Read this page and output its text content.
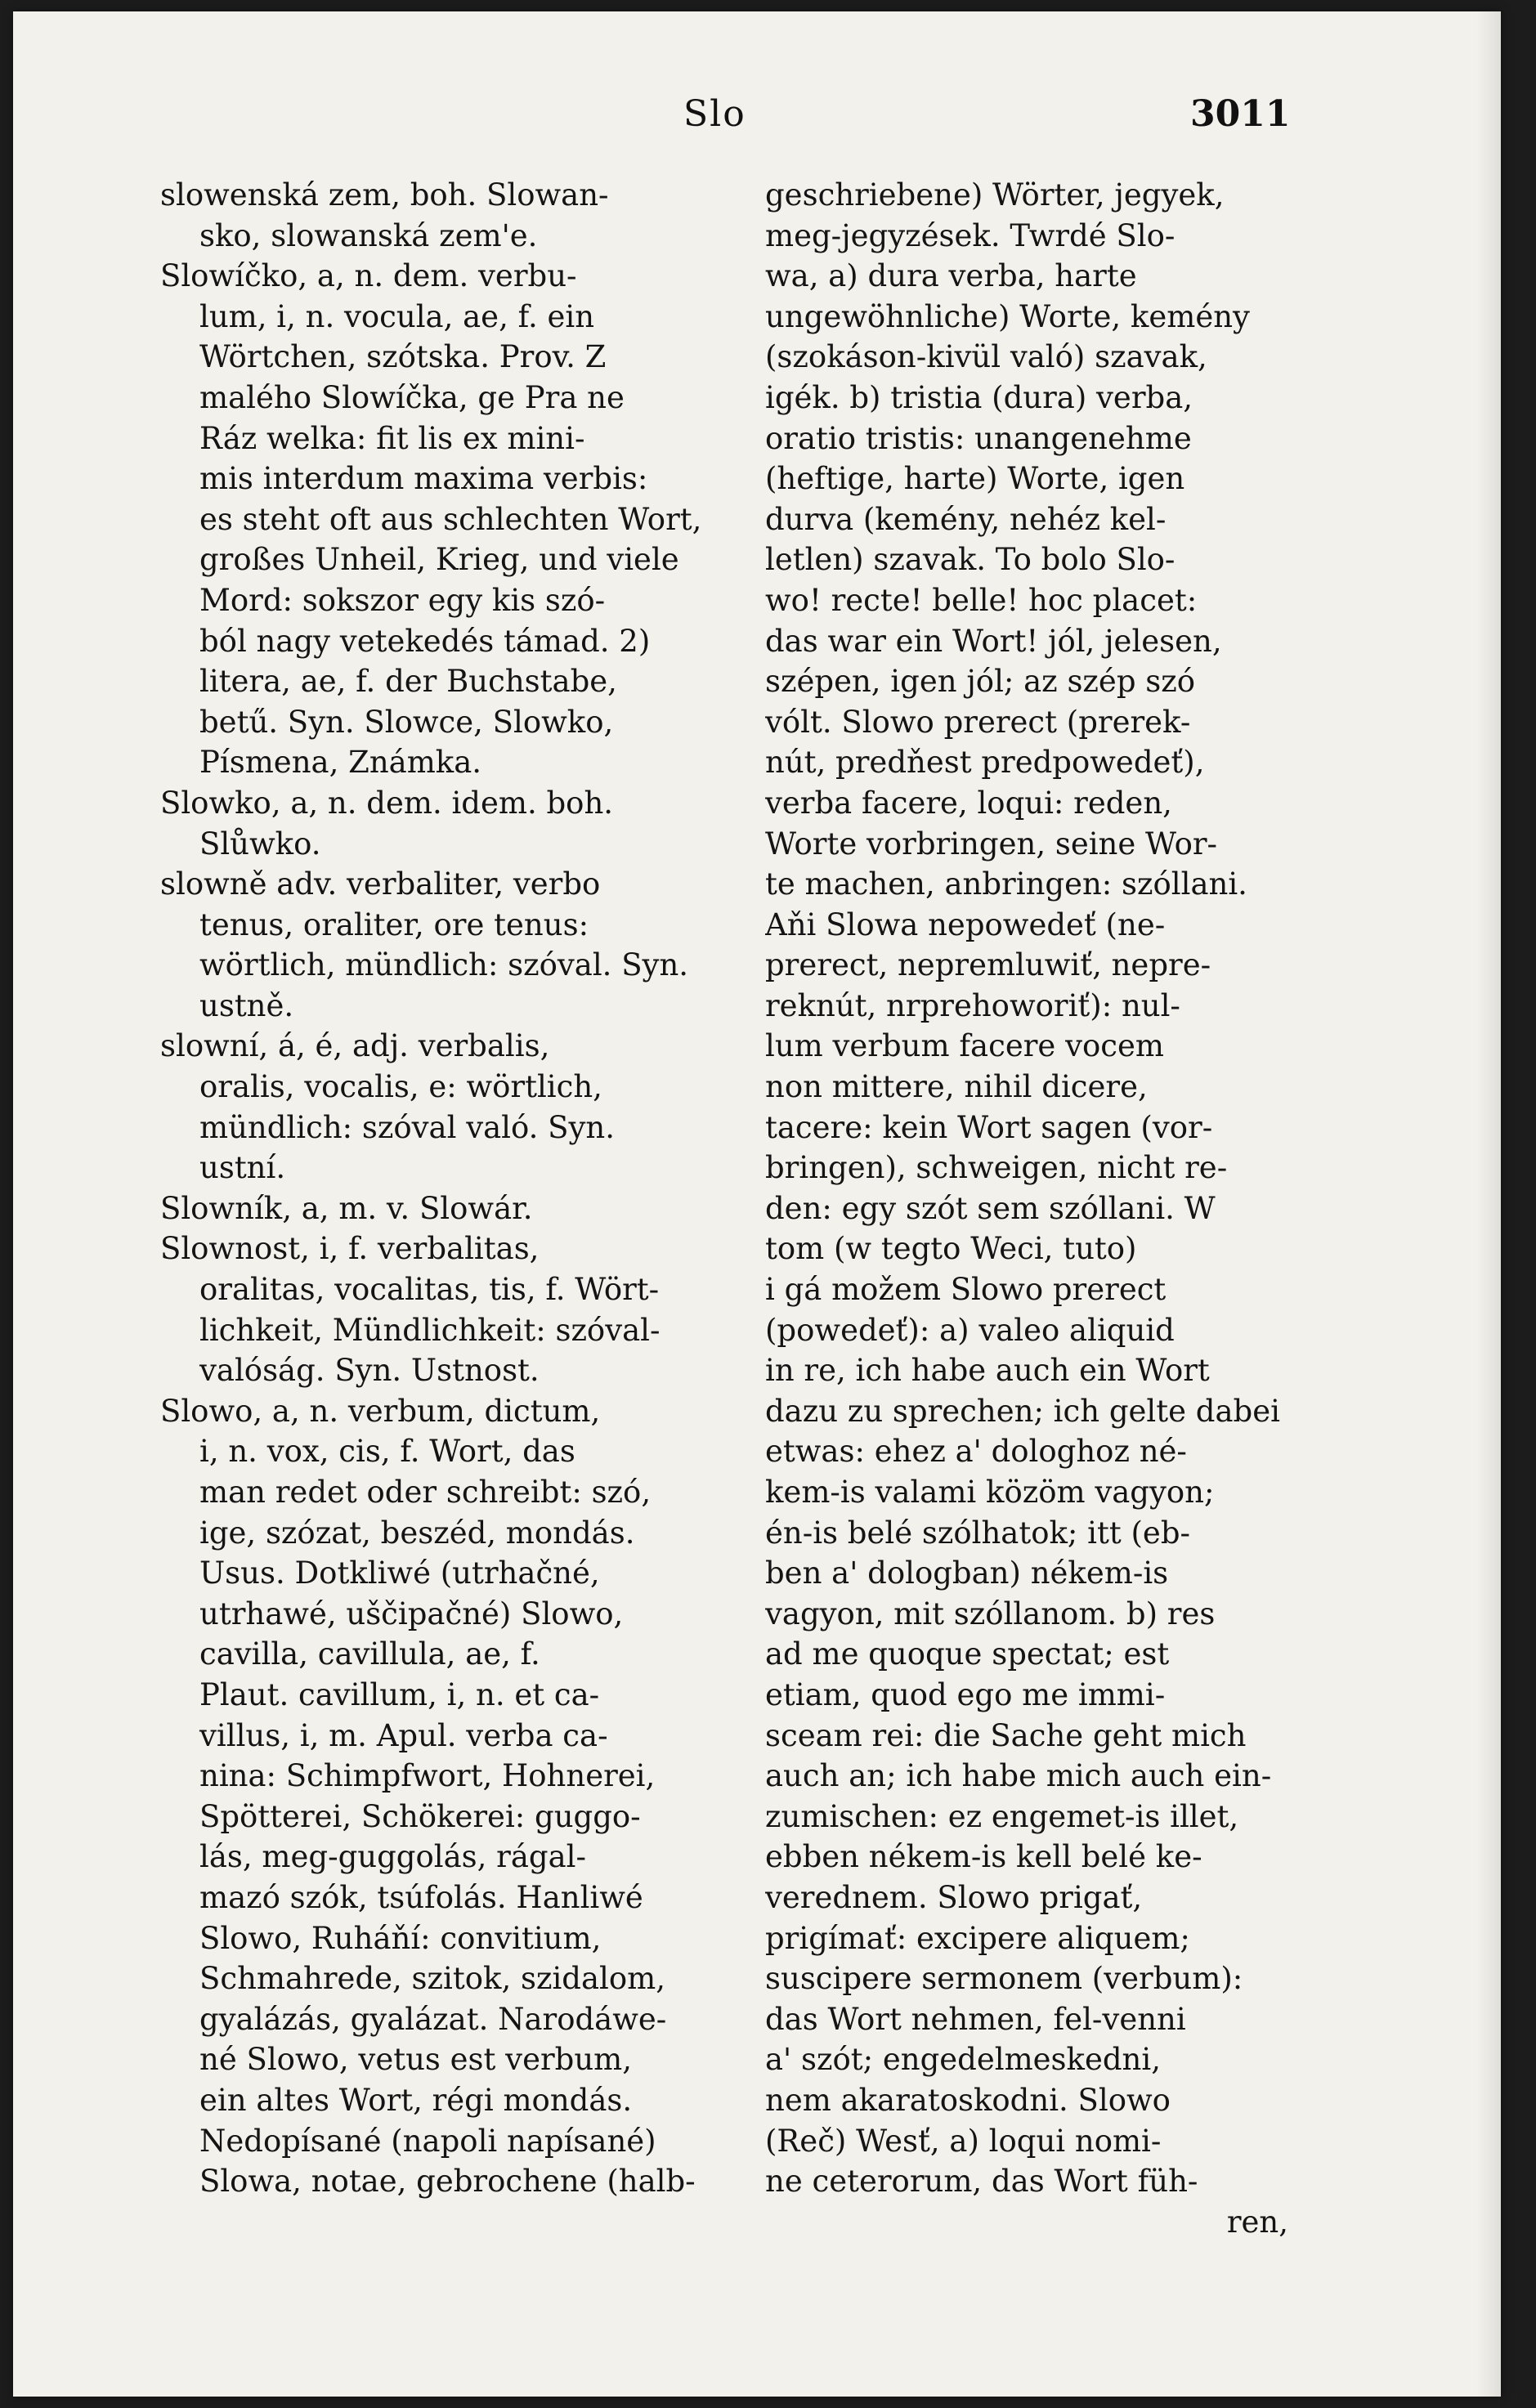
Slo	3011
slowenská zem, boh. Slowan-
sko, slowanská zem'e.
Slowíčko, a, n. dem. verbu-
lum, i, n. vocula, ae, f. ein
Wörtchen, szótska. Prov. Z
malého Slowíčka, ge Pra ne
Ráz welka: fit lis ex mini-
mis interdum maxima verbis:
es steht oft aus schlechten Wort,
großes Unheil, Krieg, und viele
Mord: sokszor egy kis szó-
ból nagy vetekedés támad. 2)
litera, ae, f. der Buchstabe,
betű. Syn. Slowce, Slowko,
Písmena, Známka.
Slowko, a, n. dem. idem. boh.
Slůwko.
slowně adv. verbaliter, verbo
tenus, oraliter, ore tenus:
wörtlich, mündlich: szóval. Syn.
ustně.
slowní, á, é, adj. verbalis,
oralis, vocalis, e: wörtlich,
mündlich: szóval való. Syn.
ustní.
Slowník, a, m. v. Slowár.
Slownost, i, f. verbalitas,
oralitas, vocalitas, tis, f. Wört-
lichkeit, Mündlichkeit: szóval-
valóság. Syn. Ustnost.
Slowo, a, n. verbum, dictum,
i, n. vox, cis, f. Wort, das
man redet oder schreibt: szó,
ige, szózat, beszéd, mondás.
Usus. Dotkliwé (utrhačné,
utrhawé, uščipačné) Slowo,
cavilla, cavillula, ae, f.
Plaut. cavillum, i, n. et ca-
villus, i, m. Apul. verba ca-
nina: Schimpfwort, Hohnerei,
Spötterei, Schökerei: guggo-
lás, meg-guggolás, rágal-
mazó szók, tsúfolás. Hanliwé
Slowo, Ruháňí: convitium,
Schmahrede, szitok, szidalom,
gyalázás, gyalázat. Narodáwe-
né Slowo, vetus est verbum,
ein altes Wort, régi mondás.
Nedopísané (napoli napísané)
Slowa, notae, gebrochene (halb-
geschriebene) Wörter, jegyek,
meg-jegyzések. Twrdé Slo-
wa, a) dura verba, harte
ungewöhnliche) Worte, kemény
(szokáson-kivül való) szavak,
igék. b) tristia (dura) verba,
oratio tristis: unangenehme
(heftige, harte) Worte, igen
durva (kemény, nehéz kel-
letlen) szavak. To bolo Slo-
wo! recte! belle! hoc placet:
das war ein Wort! jól, jelesen,
szépen, igen jól; az szép szó
vólt. Slowo prerect (prerek-
nút, predňest predpowedeť),
verba facere, loqui: reden,
Worte vorbringen, seine Wor-
te machen, anbringen: szóllani.
Aňi Slowa nepowedeť (ne-
prerect, nepremluwiť, nepre-
reknút, nrprehoworiť): nul-
lum verbum facere vocem
non mittere, nihil dicere,
tacere: kein Wort sagen (vor-
bringen), schweigen, nicht re-
den: egy szót sem szóllani. W
tom (w tegto Weci, tuto)
i gá možem Slowo prerect
(powedeť): a) valeo aliquid
in re, ich habe auch ein Wort
dazu zu sprechen; ich gelte dabei
etwas: ehez a' dologhoz né-
kem-is valami közöm vagyon;
én-is belé szólhatok; itt (eb-
ben a' dologban) nékem-is
vagyon, mit szóllanom. b) res
ad me quoque spectat; est
etiam, quod ego me immi-
sceam rei: die Sache geht mich
auch an; ich habe mich auch ein-
zumischen: ez engemet-is illet,
ebben nékem-is kell belé ke-
verednem. Slowo prigať,
prigímať: excipere aliquem;
suscipere sermonem (verbum):
das Wort nehmen, fel-venni
a' szót; engedelmeskedni,
nem akaratoskodni. Slowo
(Reč) Wesť, a) loqui nomi-
ne ceterorum, das Wort füh-
ren,
